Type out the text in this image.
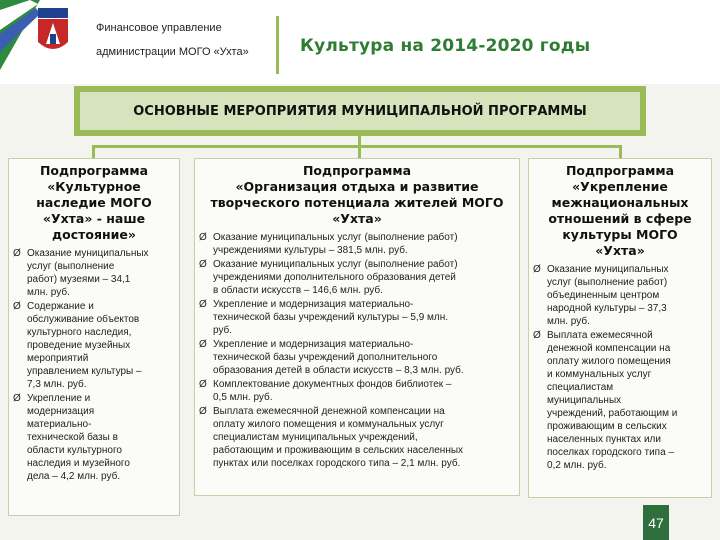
Финансовое управление
администрации МОГО «Ухта»	Культура на 2014-2020 годы
ОСНОВНЫЕ МЕРОПРИЯТИЯ МУНИЦИПАЛЬНОЙ ПРОГРАММЫ
Подпрограмма
«Культурное
наследие МОГО
«Ухта» - наше
достояние»
Ø Оказание муниципальных
услуг (выполнение
работ) музеями – 34,1
млн. руб.
Ø Содержание и
обслуживание объектов
культурного наследия,
проведение музейных
мероприятий
управлением культуры –
7,3 млн. руб.
Ø Укрепление и
модернизация
материально-
технической базы в
области культурного
наследия и музейного
дела – 4,2 млн. руб.
Подпрограмма
«Организация отдыха и развитие
творческого потенциала жителей МОГО
«Ухта»
Ø Оказание муниципальных услуг (выполнение работ)
учреждениями культуры – 381,5 млн. руб.
Ø Оказание муниципальных услуг (выполнение работ)
учреждениями дополнительного образования детей
в области искусств – 146,6 млн. руб.
Ø Укрепление и модернизация материально-
технической базы учреждений культуры – 5,9 млн.
руб.
Ø Укрепление и модернизация материально-
технической базы учреждений дополнительного
образования детей в области искусств – 8,3 млн. руб.
Ø Комплектование документных фондов библиотек –
0,5 млн. руб.
Ø Выплата ежемесячной денежной компенсации на
оплату жилого помещения и коммунальных услуг
специалистам муниципальных учреждений,
работающим и проживающим в сельских населенных
пунктах или поселках городского типа – 2,1 млн. руб.
Подпрограмма
«Укрепление
межнациональных
отношений в сфере
культуры МОГО
«Ухта»
Ø Оказание муниципальных
услуг (выполнение работ)
объединенным центром
народной культуры – 37,3
млн. руб.
Ø Выплата ежемесячной
денежной компенсации на
оплату жилого помещения
и коммунальных услуг
специалистам
муниципальных
учреждений, работающим и
проживающим в сельских
населенных пунктах или
поселках городского типа –
0,2 млн. руб.
47
